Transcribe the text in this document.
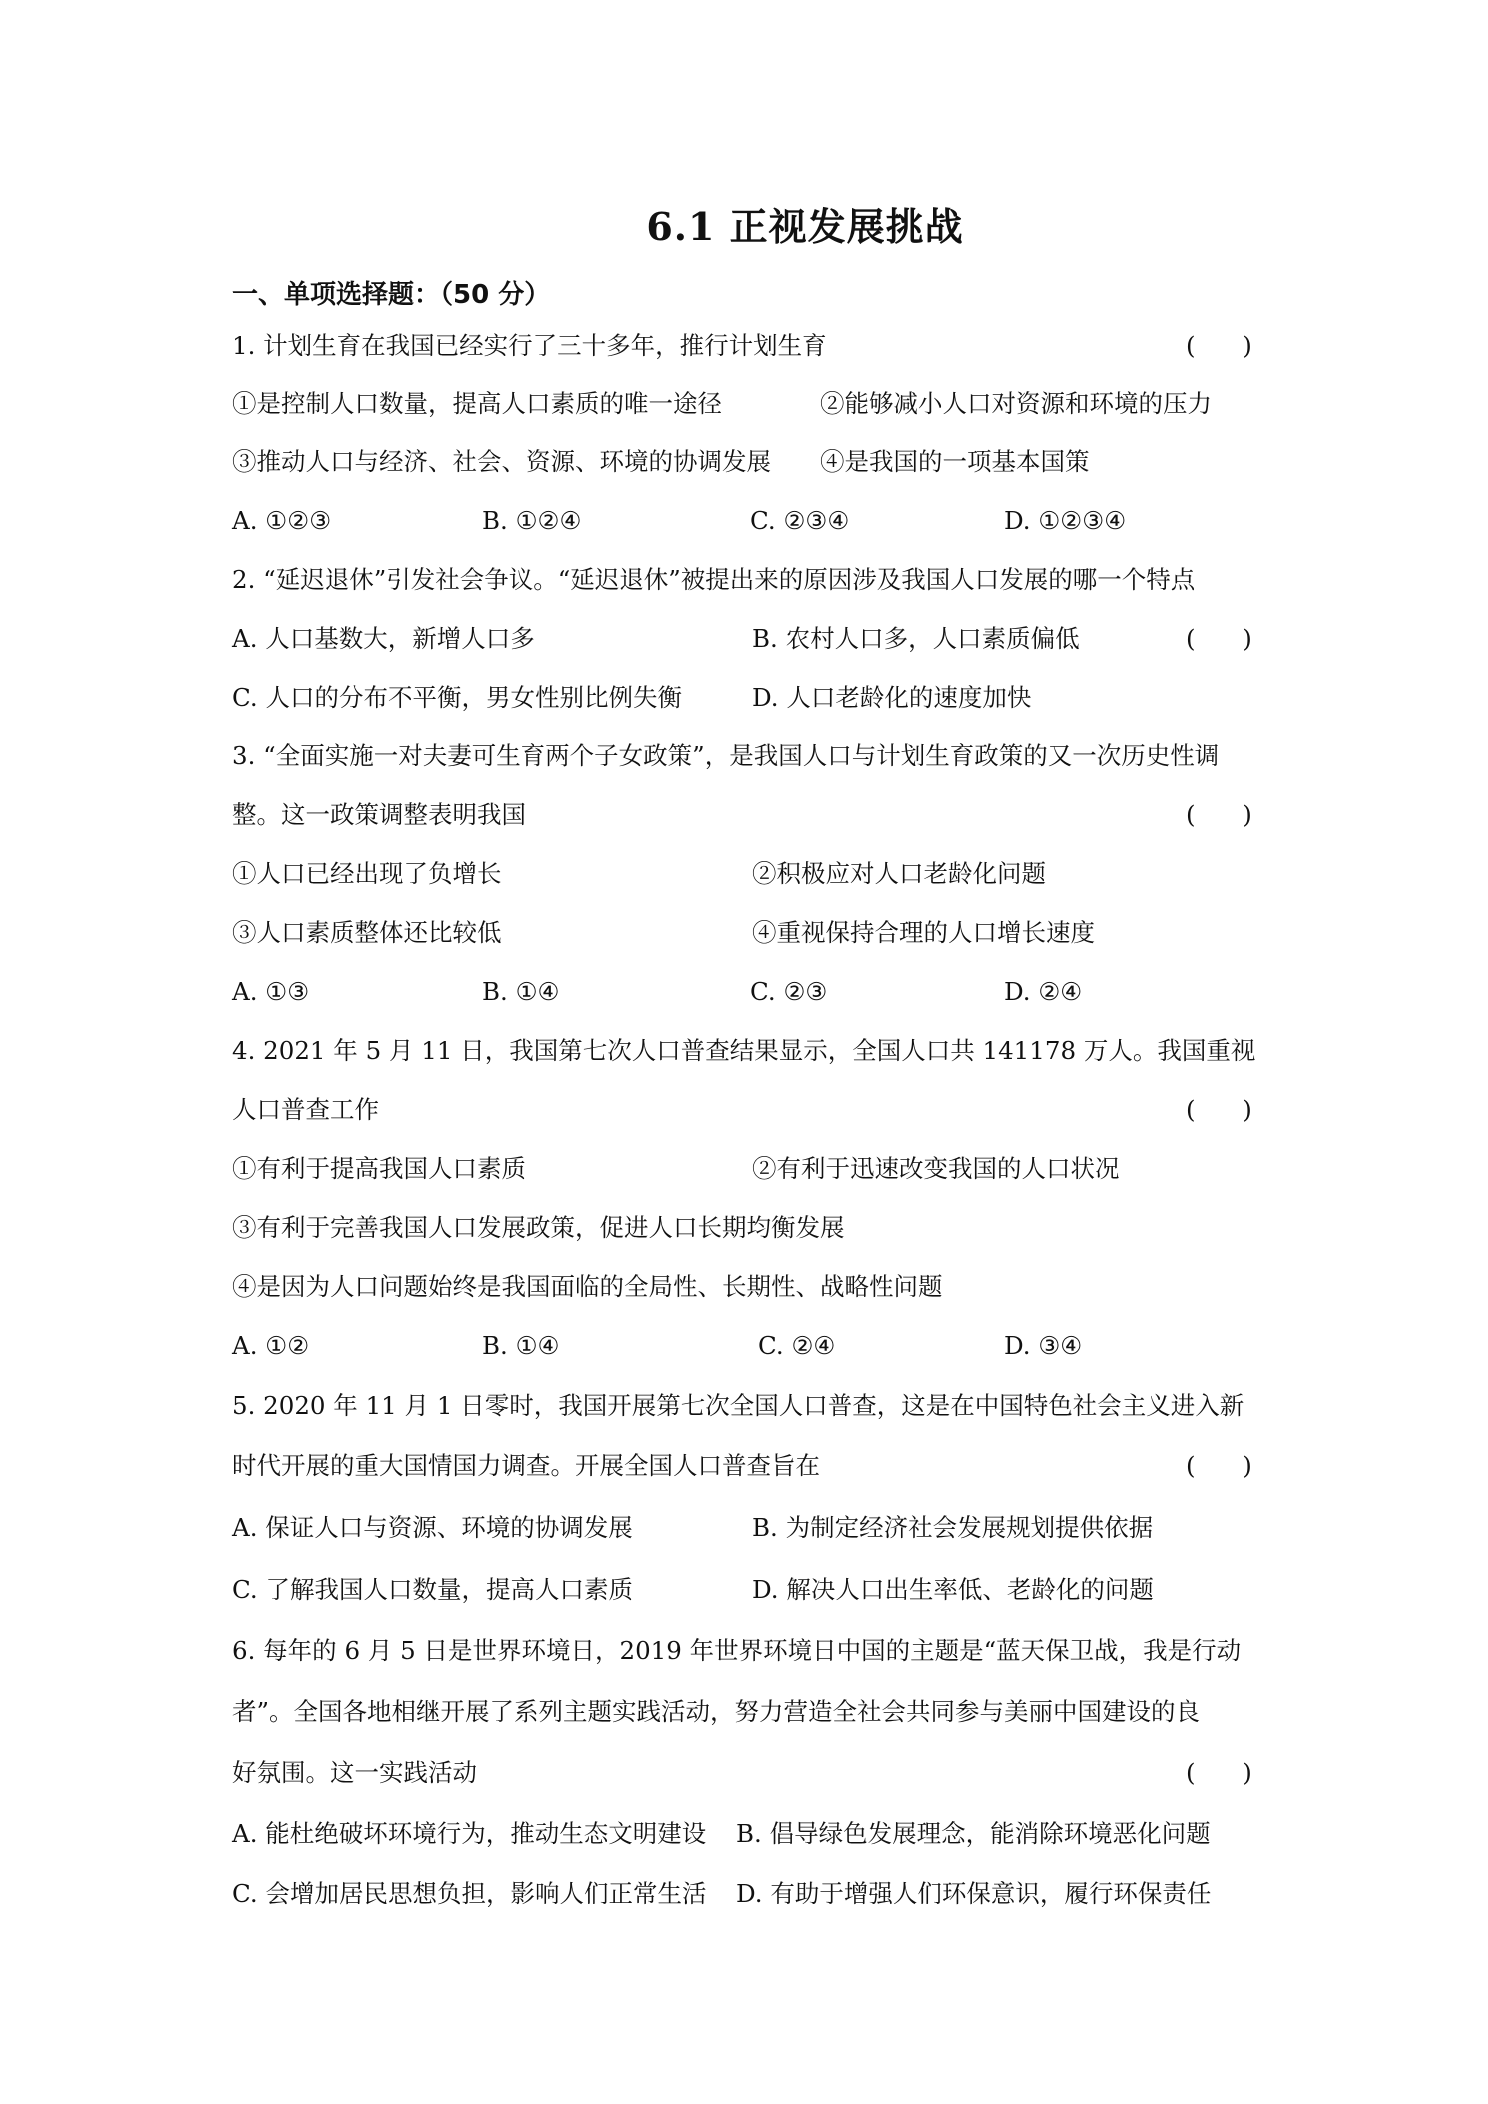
6.1 正视发展挑战
一、单项选择题：（50 分）
1. 计划生育在我国已经实行了三十多年，推行计划生育	(      )
①是控制人口数量，提高人口素质的唯一途径	②能够减小人口对资源和环境的压力
③推动人口与经济、社会、资源、环境的协调发展 ④是我国的一项基本国策
A. ①②③	B. ①②④	C. ②③④	D. ①②③④
2. “延迟退休”引发社会争议。“延迟退休”被提出来的原因涉及我国人口发展的哪一个特点
A. 人口基数大，新增人口多	B. 农村人口多，人口素质偏低	(      )
C. 人口的分布不平衡，男女性别比例失衡	D. 人口老龄化的速度加快
3. “全面实施一对夫妻可生育两个子女政策”，是我国人口与计划生育政策的又一次历史性调
整。这一政策调整表明我国	(      )
①人口已经出现了负增长	②积极应对人口老龄化问题
③人口素质整体还比较低	④重视保持合理的人口增长速度
A. ①③	B. ①④	C. ②③	D. ②④
4. 2021 年 5 月 11 日，我国第七次人口普查结果显示，全国人口共 141178 万人。我国重视
人口普查工作	(      )
①有利于提高我国人口素质	②有利于迅速改变我国的人口状况
③有利于完善我国人口发展政策，促进人口长期均衡发展
④是因为人口问题始终是我国面临的全局性、长期性、战略性问题
A. ①②	B. ①④	C. ②④	D. ③④
5. 2020 年 11 月 1 日零时，我国开展第七次全国人口普查，这是在中国特色社会主义进入新
时代开展的重大国情国力调查。开展全国人口普查旨在	(      )
A. 保证人口与资源、环境的协调发展	B. 为制定经济社会发展规划提供依据
C. 了解我国人口数量，提高人口素质	D. 解决人口出生率低、老龄化的问题
6. 每年的 6 月 5 日是世界环境日，2019 年世界环境日中国的主题是“蓝天保卫战，我是行动
者”。全国各地相继开展了系列主题实践活动，努力营造全社会共同参与美丽中国建设的良
好氛围。这一实践活动	(      )
A. 能杜绝破坏环境行为，推动生态文明建设 B. 倡导绿色发展理念，能消除环境恶化问题
C. 会增加居民思想负担，影响人们正常生活 D. 有助于增强人们环保意识，履行环保责任
